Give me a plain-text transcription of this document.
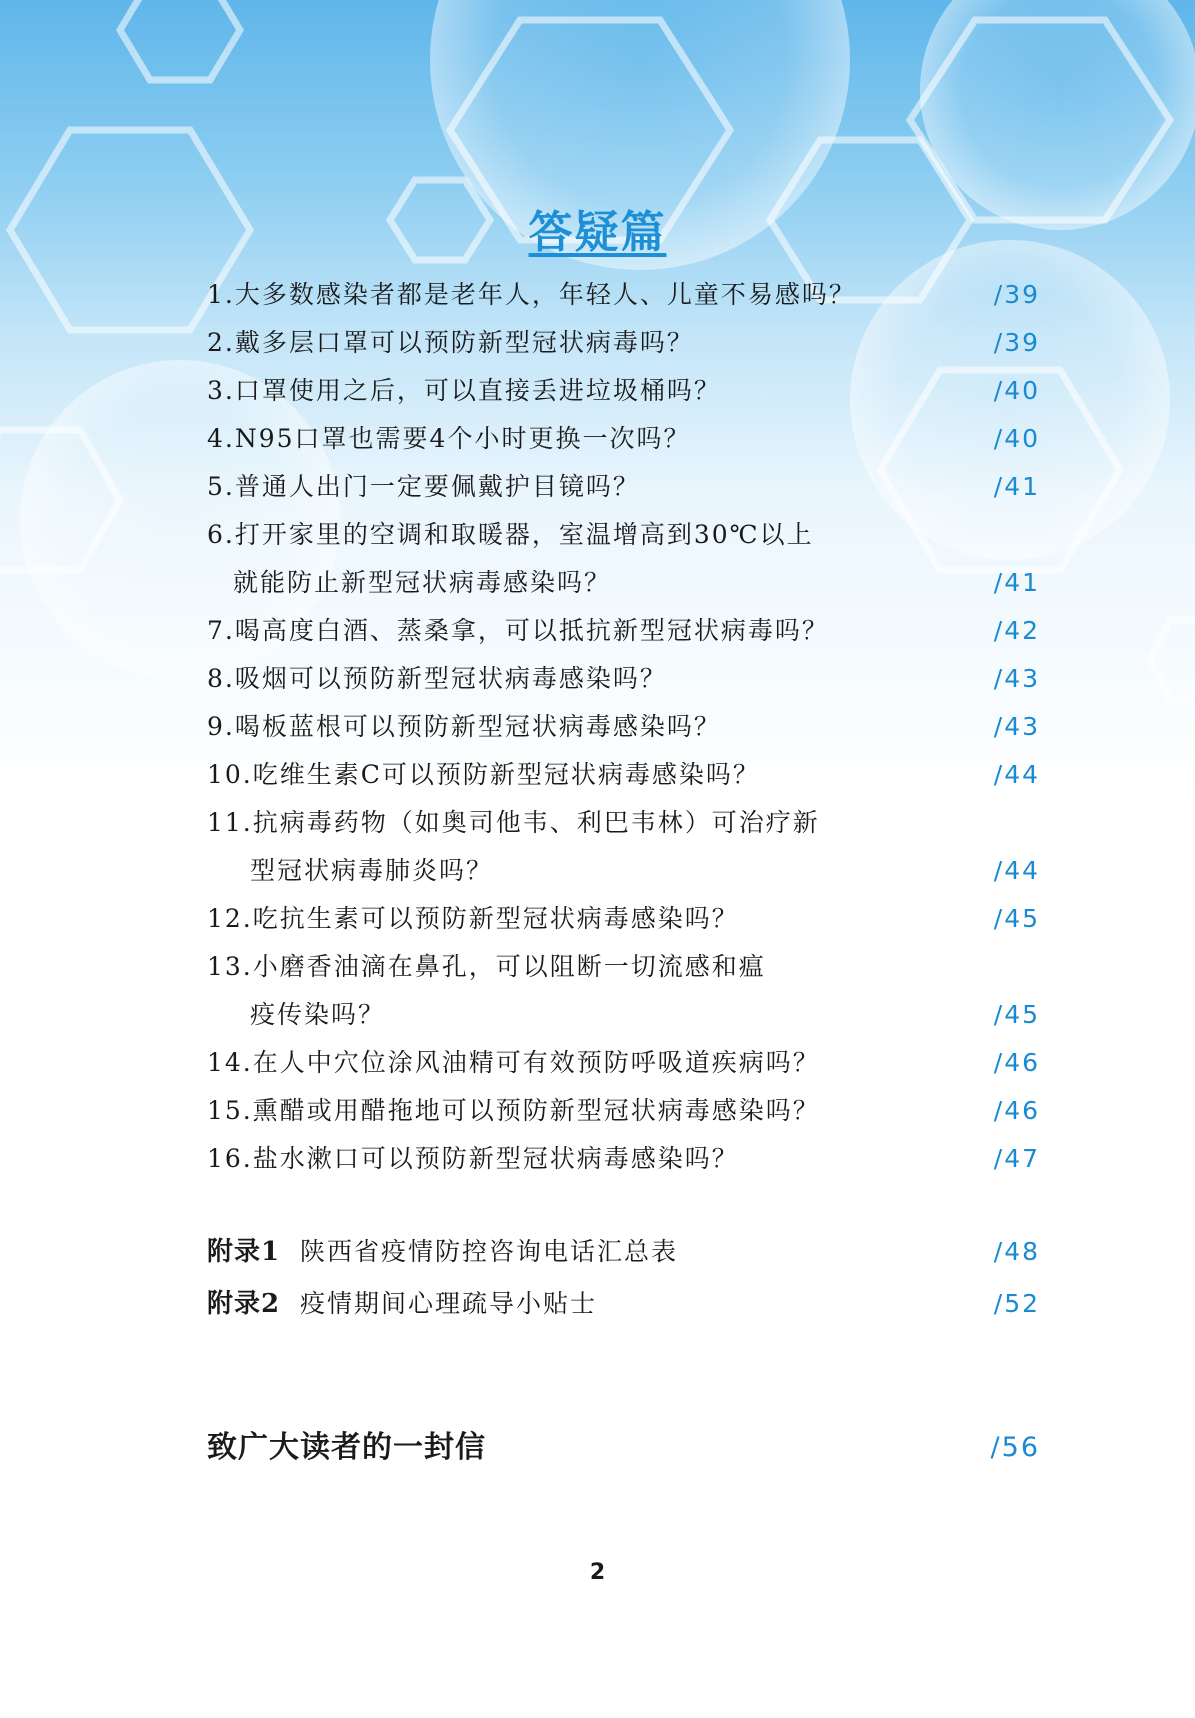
答疑篇
1.大多数感染者都是老年人，年轻人、儿童不易感吗？	/39
2.戴多层口罩可以预防新型冠状病毒吗？	/39
3.口罩使用之后，可以直接丢进垃圾桶吗？	/40
4.N95口罩也需要4个小时更换一次吗？	/40
5.普通人出门一定要佩戴护目镜吗？	/41
6.打开家里的空调和取暖器，室温增高到30℃以上
就能防止新型冠状病毒感染吗？	/41
7.喝高度白酒、蒸桑拿，可以抵抗新型冠状病毒吗？	/42
8.吸烟可以预防新型冠状病毒感染吗？	/43
9.喝板蓝根可以预防新型冠状病毒感染吗？	/43
10.吃维生素C可以预防新型冠状病毒感染吗？	/44
11.抗病毒药物（如奥司他韦、利巴韦林）可治疗新
型冠状病毒肺炎吗？	/44
12.吃抗生素可以预防新型冠状病毒感染吗？	/45
13.小磨香油滴在鼻孔，可以阻断一切流感和瘟
疫传染吗？	/45
14.在人中穴位涂风油精可有效预防呼吸道疾病吗？	/46
15.熏醋或用醋拖地可以预防新型冠状病毒感染吗？	/46
16.盐水漱口可以预防新型冠状病毒感染吗？	/47
附录1 陕西省疫情防控咨询电话汇总表	/48
附录2 疫情期间心理疏导小贴士	/52
致广大读者的一封信	/56
2
